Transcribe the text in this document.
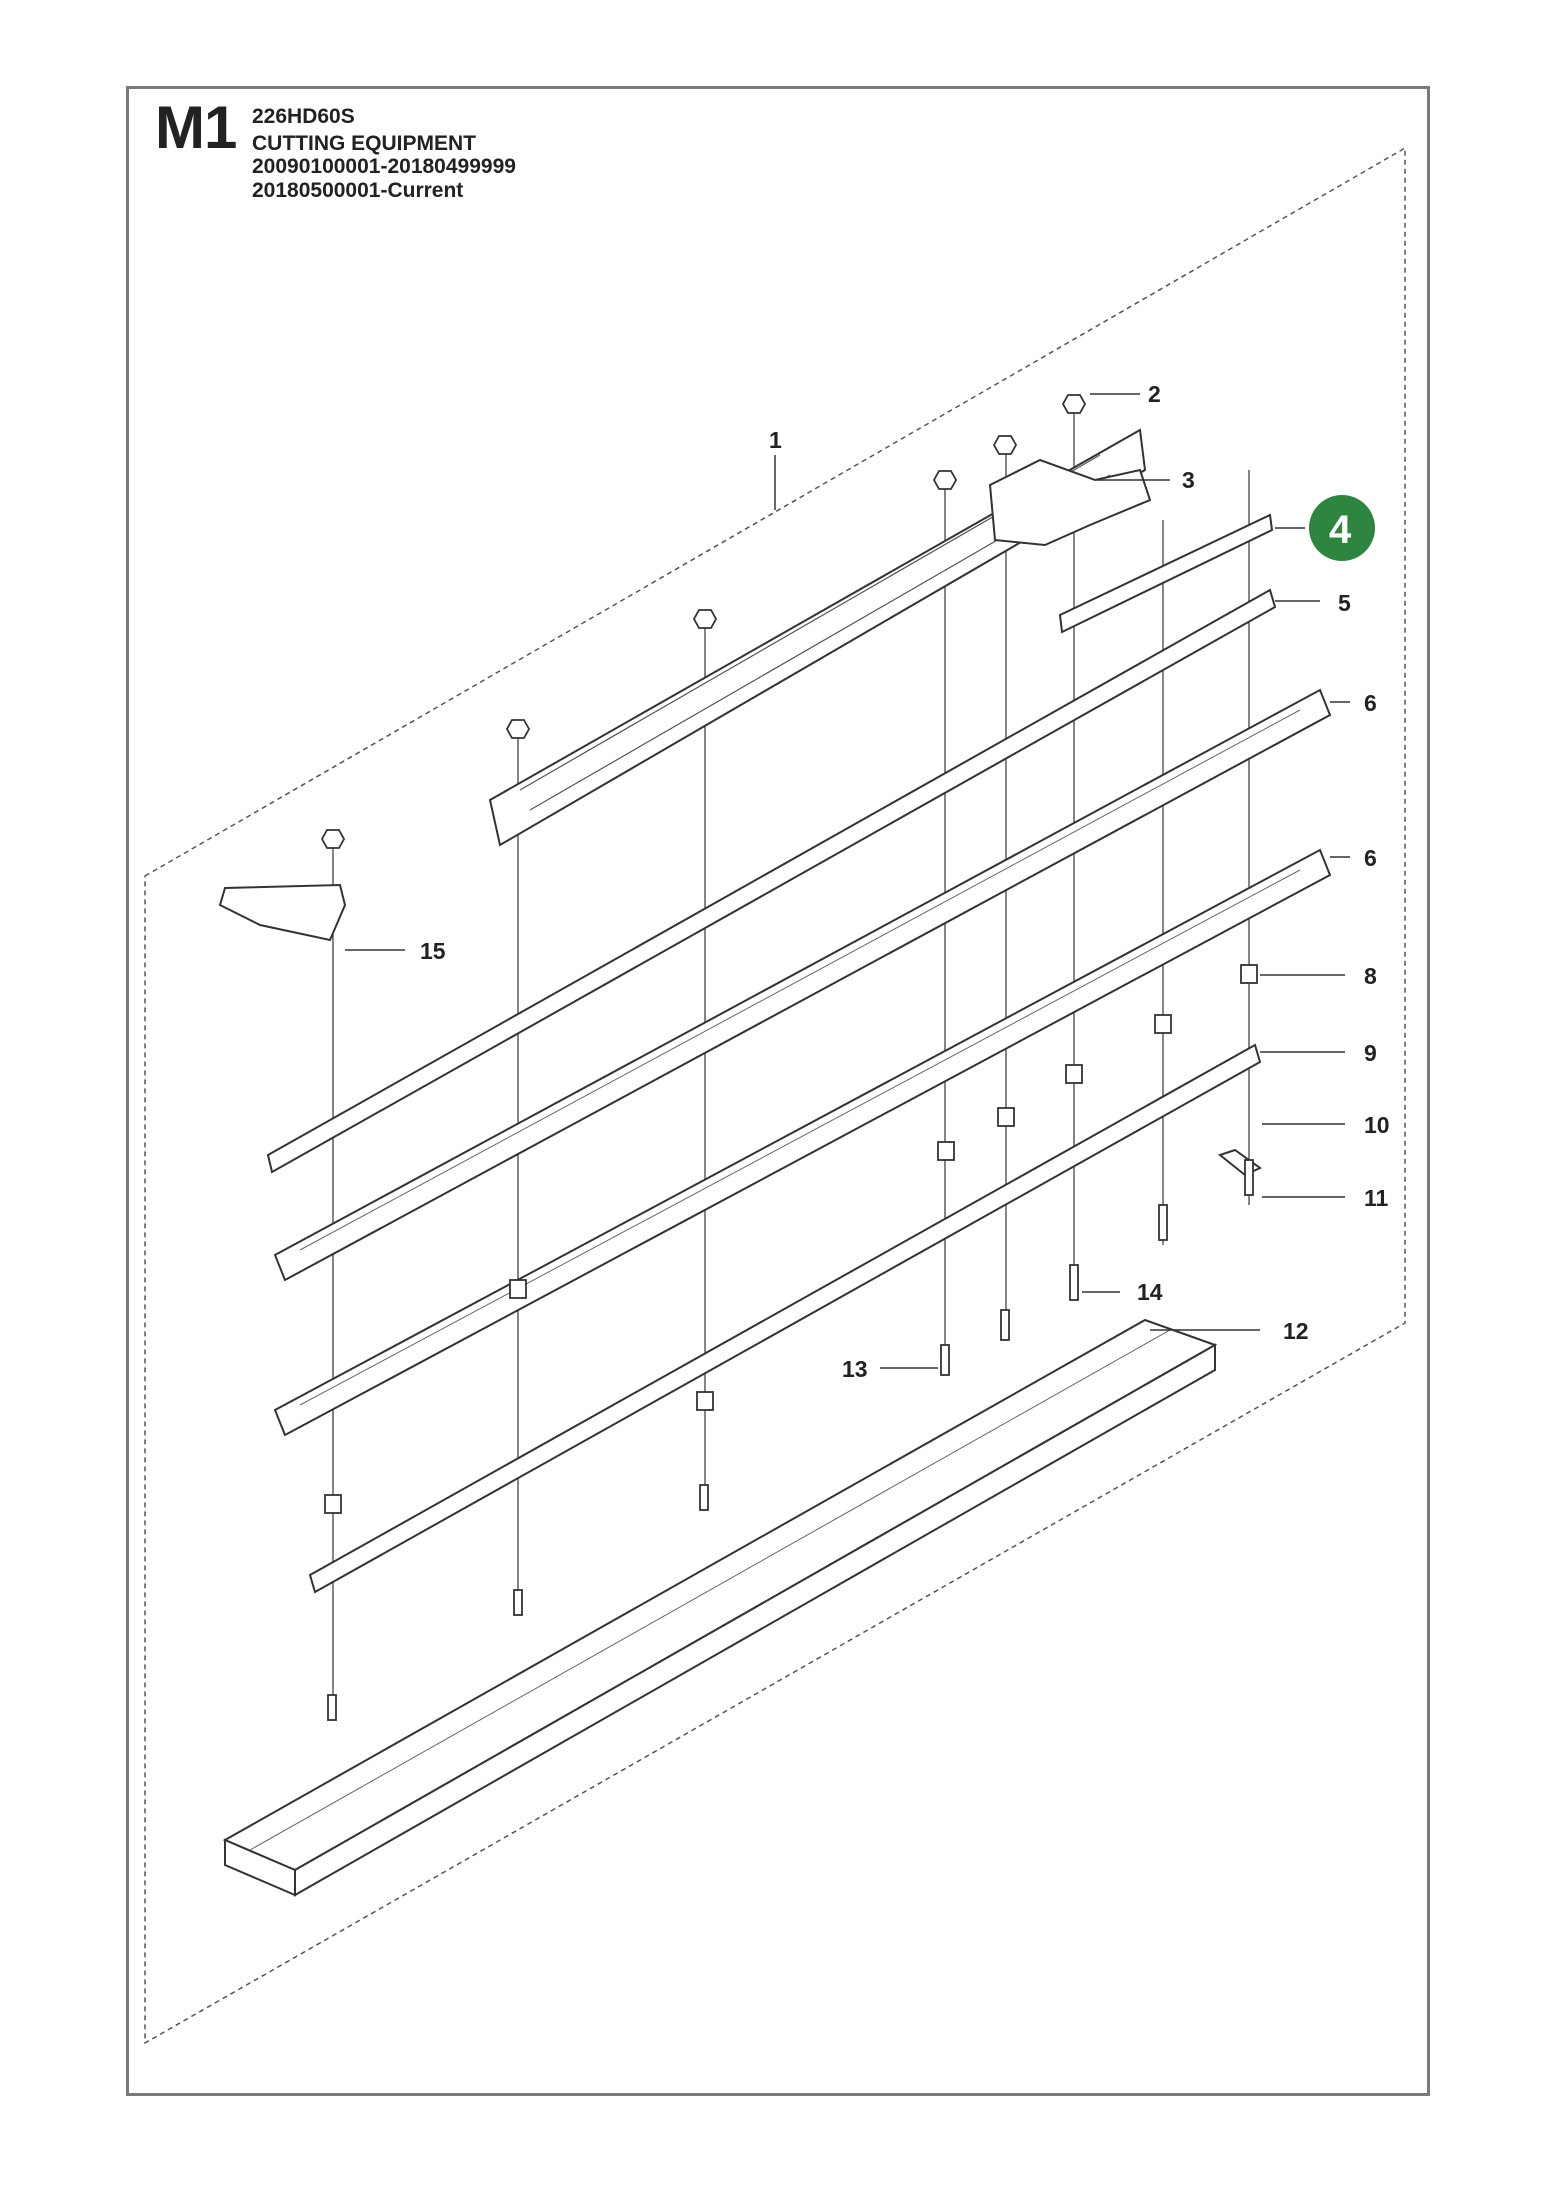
M1 226HD60S
CUTTING EQUIPMENT
20090100001-20180499999
20180500001-Current
1
2
3
4
5
6
6
8
9
10
11
12
13
14
15
